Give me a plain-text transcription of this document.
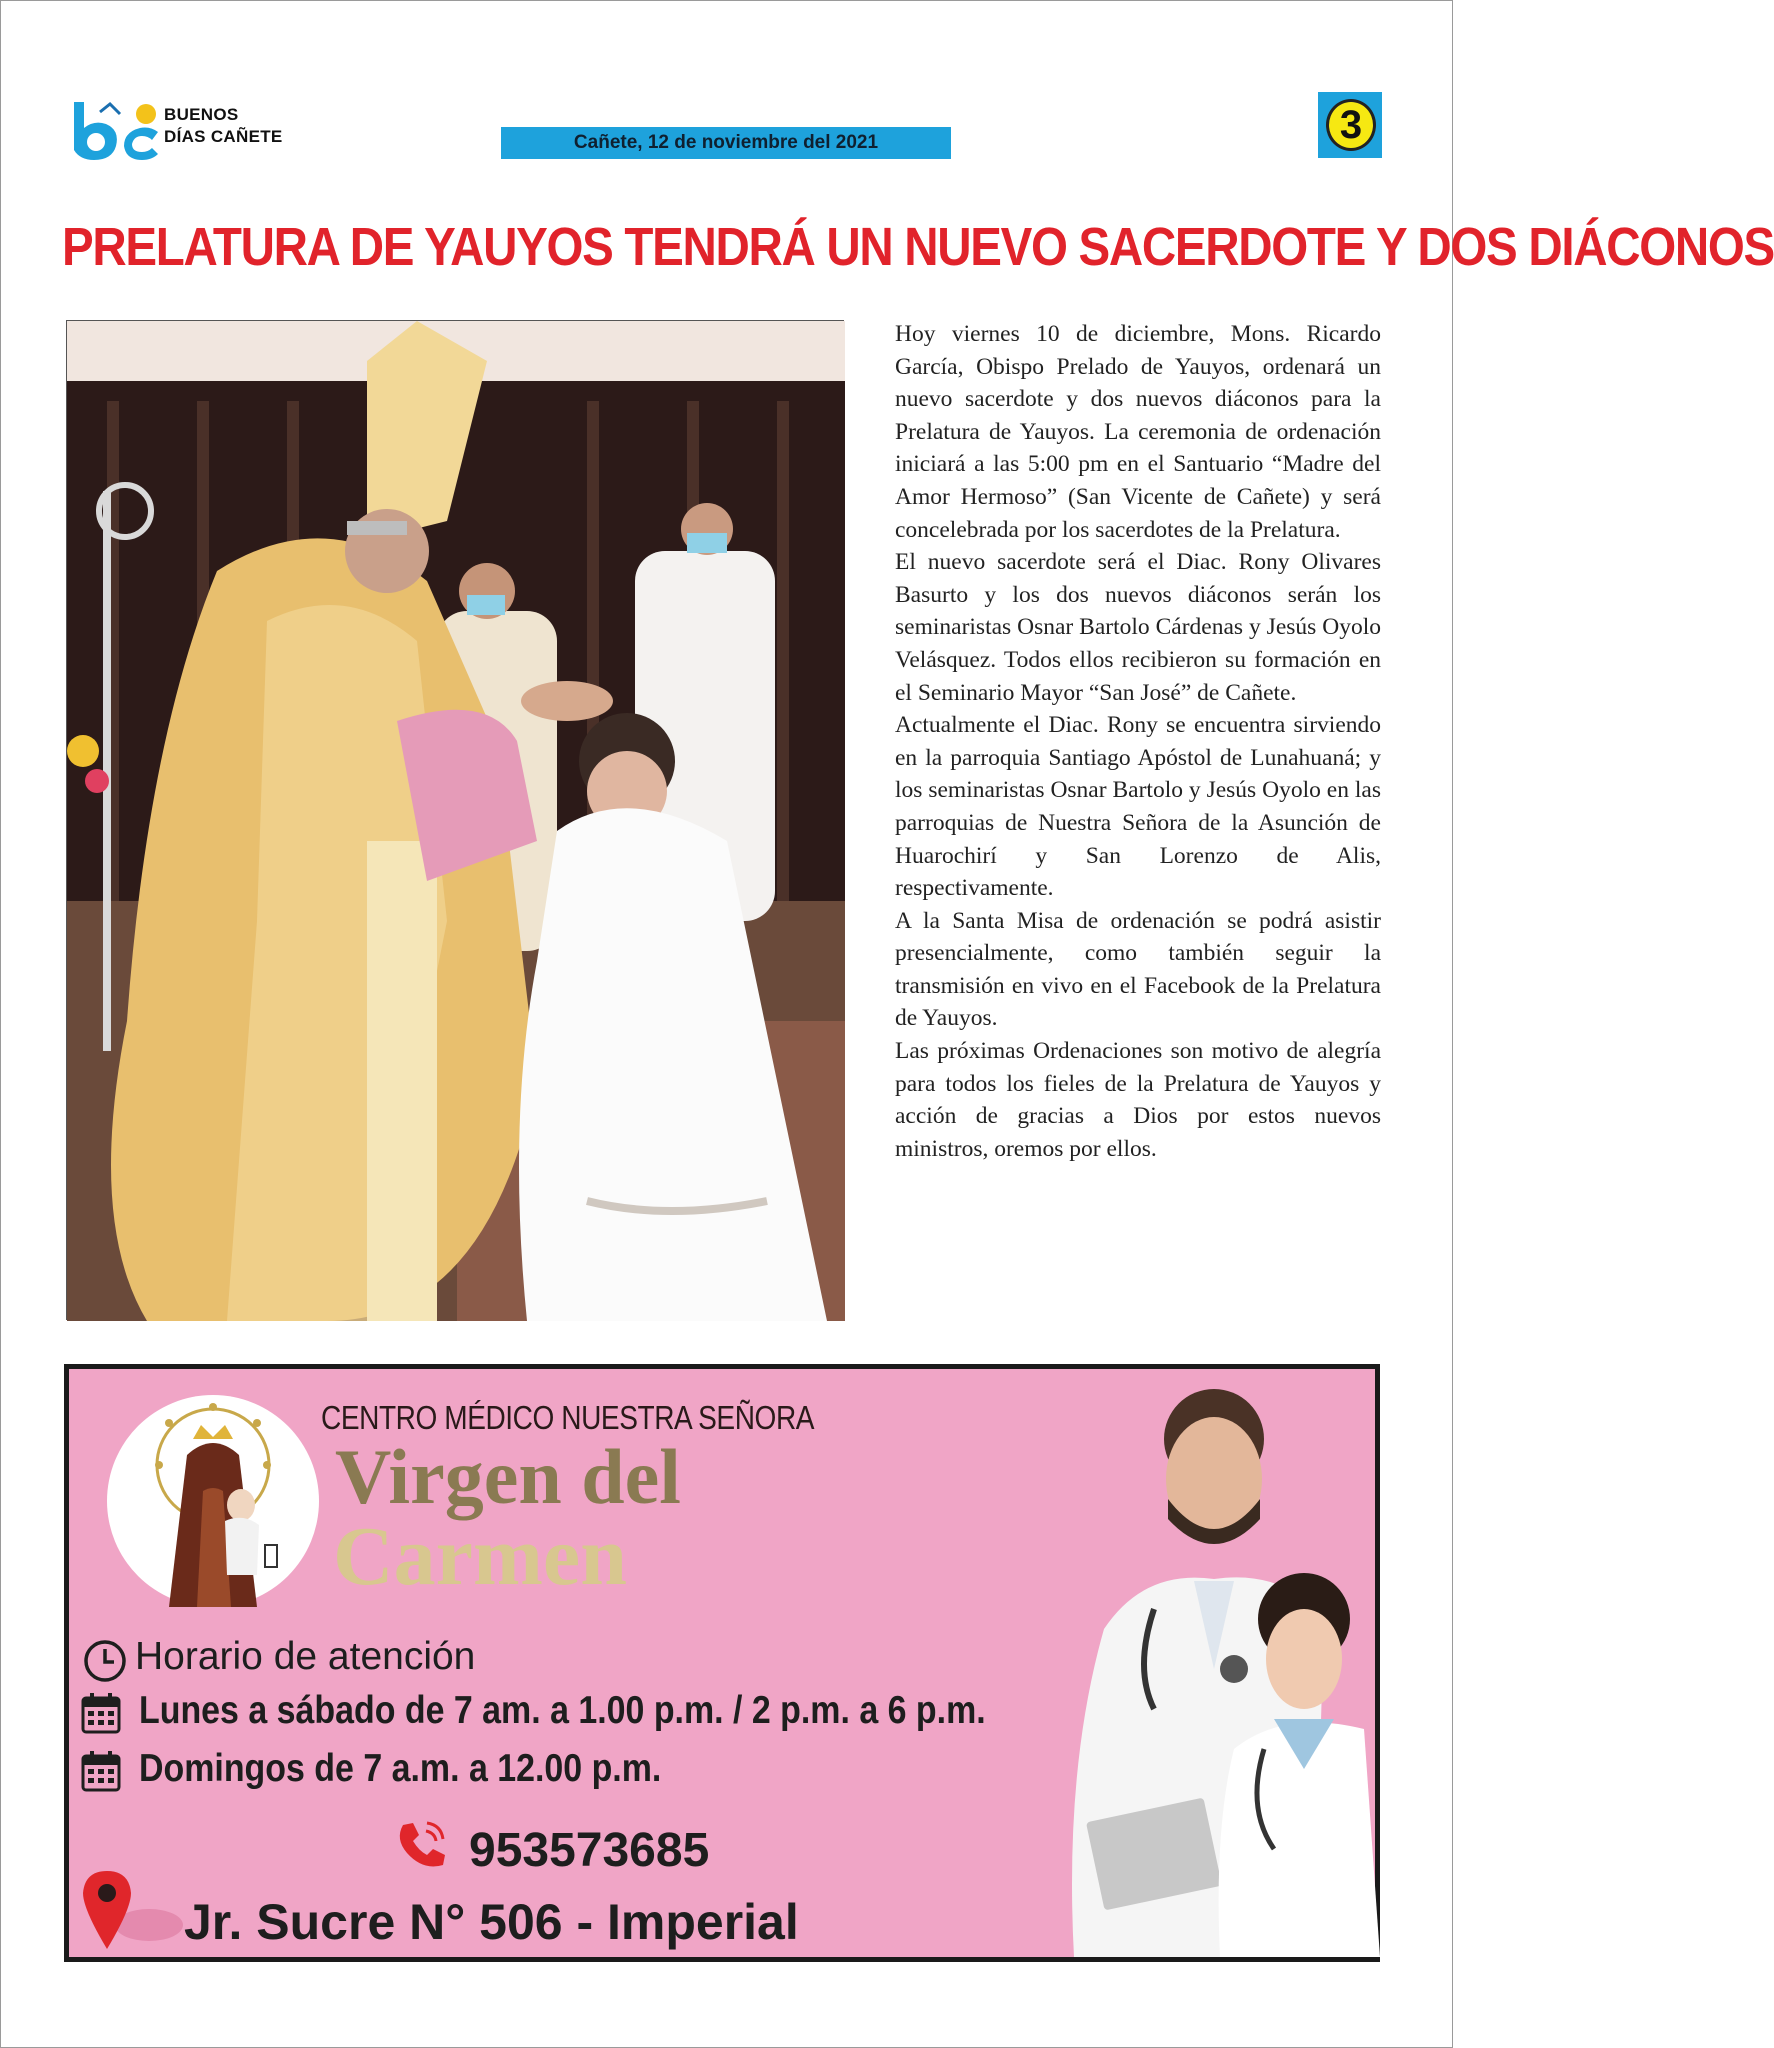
BUENOS
DÍAS CAÑETE	Cañete, 12 de noviembre del 2021	3
PRELATURA DE YAUYOS TENDRÁ UN NUEVO SACERDOTE Y DOS DIÁCONOS

Hoy viernes 10 de diciembre, Mons. Ricardo García, Obispo Prelado de Yauyos, ordenará un nuevo sacerdote y dos nuevos diáconos para la Prelatura de Yauyos. La ceremonia de ordenación iniciará a las 5:00 pm en el Santuario “Madre del Amor Hermoso” (San Vicente de Cañete) y será concelebrada por los sacerdotes de la Prelatura.

El nuevo sacerdote será el Diac. Rony Olivares Basurto y los dos nuevos diáconos serán los seminaristas Osnar Bartolo Cárdenas y Jesús Oyolo Velásquez. Todos ellos recibieron su formación en el Seminario Mayor “San José” de Cañete.

Actualmente el Diac. Rony se encuentra sirviendo en la parroquia Santiago Apóstol de Lunahuaná; y los seminaristas Osnar Bartolo y Jesús Oyolo en las parroquias de Nuestra Señora de la Asunción de Huarochirí y San Lorenzo de Alis, respectivamente.

A la Santa Misa de ordenación se podrá asistir presencialmente, como también seguir la transmisión en vivo en el Facebook de la Prelatura de Yauyos.

Las próximas Ordenaciones son motivo de alegría para todos los fieles de la Prelatura de Yauyos y acción de gracias a Dios por estos nuevos ministros, oremos por ellos.

CENTRO MÉDICO NUESTRA SEÑORA
Virgen del
Carmen
Horario de atención
Lunes a sábado de 7 am. a 1.00 p.m. / 2 p.m. a 6 p.m.
Domingos de 7 a.m. a 12.00 p.m.
953573685
Jr. Sucre N° 506 - Imperial
